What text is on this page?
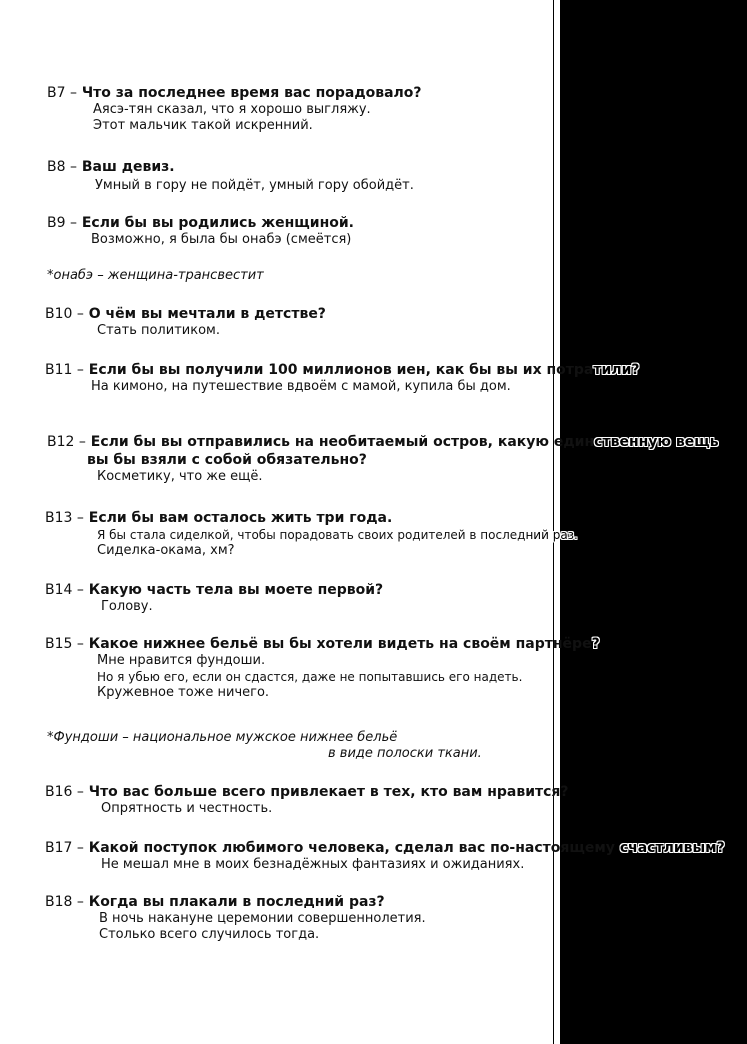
В7 – Что за последнее время вас порадовало?
Аясэ-тян сказал, что я хорошо выгляжу.
Этот мальчик такой искренний.
В8 – Ваш девиз.
Умный в гору не пойдёт, умный гору обойдёт.
В9 – Если бы вы родились женщиной.
Возможно, я была бы онабэ (смеётся)
*онабэ – женщина-трансвестит
В10 – О чём вы мечтали в детстве?
Стать политиком.
В11 – Если бы вы получили 100 миллионов иен, как бы вы их потратили?
На кимоно, на путешествие вдвоём с мамой, купила бы дом.
В12 – Если бы вы отправились на необитаемый остров, какую единственную вещь
вы бы взяли с собой обязательно?
Косметику, что же ещё.
В13 – Если бы вам осталось жить три года.
Я бы стала сиделкой, чтобы порадовать своих родителей в последний раз.
Сиделка-окама, хм?
В14 – Какую часть тела вы моете первой?
Голову.
В15 – Какое нижнее бельё вы бы хотели видеть на своём партнёре?
Мне нравится фундоши.
Но я убью его, если он сдастся, даже не попытавшись его надеть.
Кружевное тоже ничего.
*Фундоши – национальное мужское нижнее бельё
в виде полоски ткани.
В16 – Что вас больше всего привлекает в тех, кто вам нравится?
Опрятность и честность.
В17 – Какой поступок любимого человека, сделал вас по-настоящему счастливым?
Не мешал мне в моих безнадёжных фантазиях и ожиданиях.
В18 – Когда вы плакали в последний раз?
В ночь накануне церемонии совершеннолетия.
Столько всего случилось тогда.
